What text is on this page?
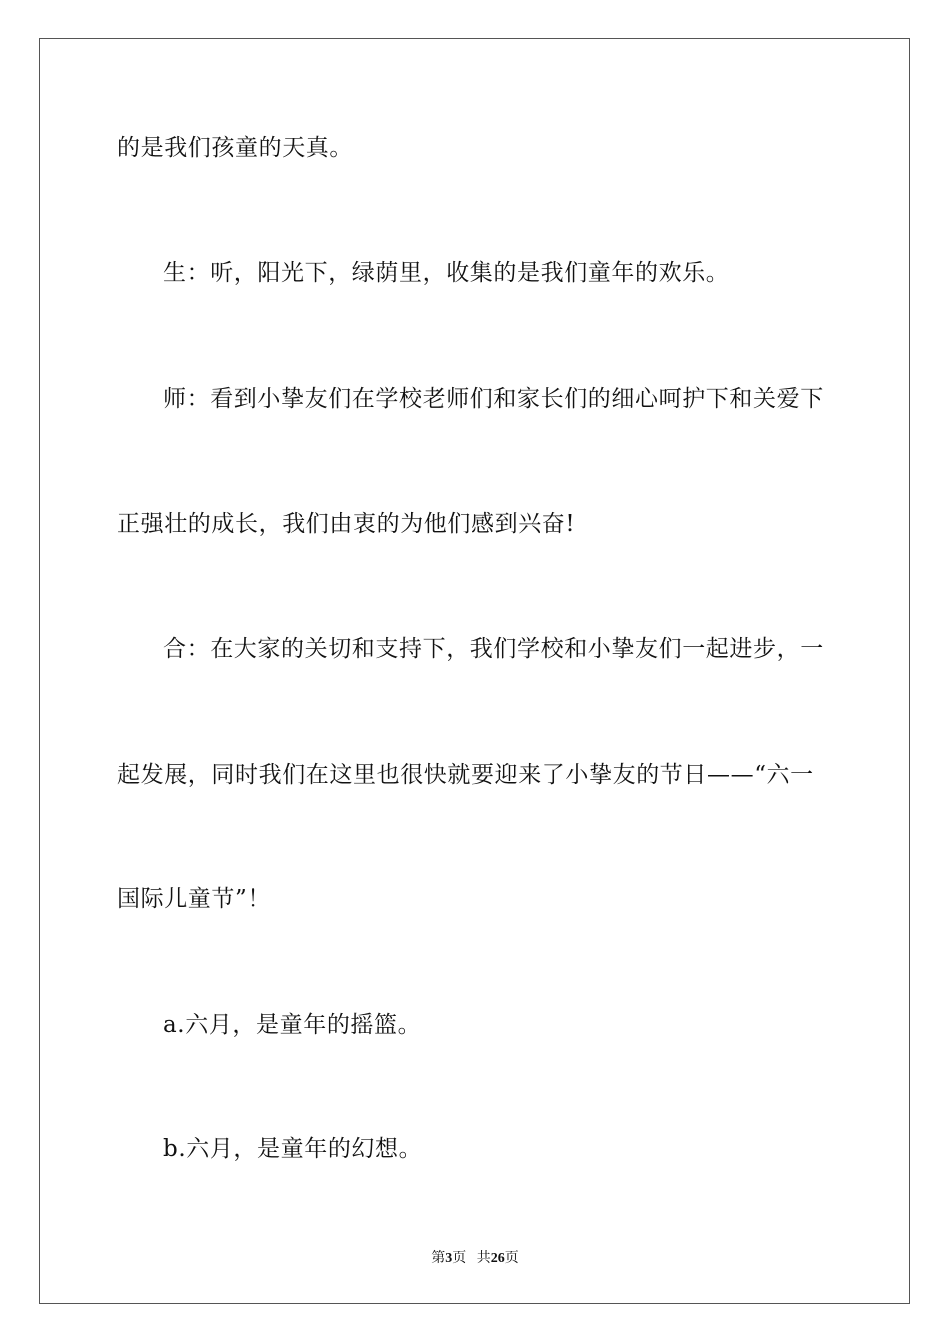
的是我们孩童的天真。
生：听，阳光下，绿荫里，收集的是我们童年的欢乐。
师：看到小挚友们在学校老师们和家长们的细心呵护下和关爱下
正强壮的成长，我们由衷的为他们感到兴奋!
合：在大家的关切和支持下，我们学校和小挚友们一起进步，一
起发展，同时我们在这里也很快就要迎来了小挚友的节日——“六一
国际儿童节”！
a.六月，是童年的摇篮。
b.六月，是童年的幻想。
第3页 共26页
